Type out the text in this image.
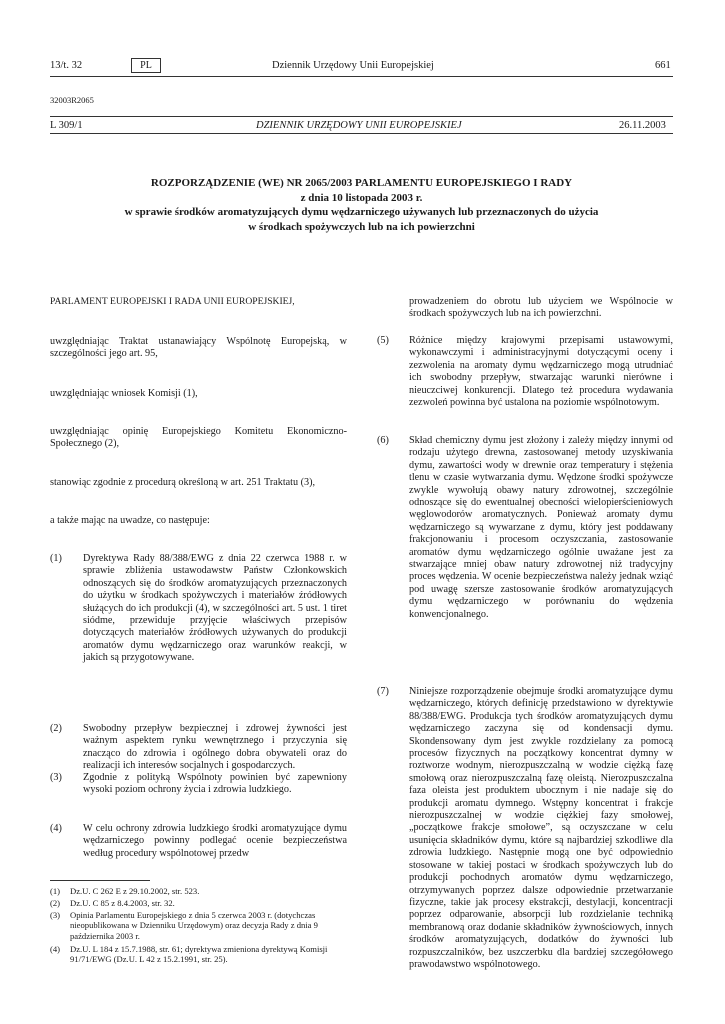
13/t. 32	PL	Dziennik Urzędowy Unii Europejskiej	661
32003R2065
L 309/1	DZIENNIK URZĘDOWY UNII EUROPEJSKIEJ	26.11.2003
ROZPORZĄDZENIE (WE) NR 2065/2003 PARLAMENTU EUROPEJSKIEGO I RADY
z dnia 10 listopada 2003 r.
w sprawie środków aromatyzujących dymu wędzarniczego używanych lub przeznaczonych do użycia
w środkach spożywczych lub na ich powierzchni
PARLAMENT EUROPEJSKI I RADA UNII EUROPEJSKIEJ,
uwzględniając Traktat ustanawiający Wspólnotę Europejską, w szczególności jego art. 95,
uwzględniając wniosek Komisji (1),
uwzględniając opinię Europejskiego Komitetu Ekonomiczno-Społecznego (2),
stanowiąc zgodnie z procedurą określoną w art. 251 Traktatu (3),
a także mając na uwadze, co następuje:
(1) Dyrektywa Rady 88/388/EWG z dnia 22 czerwca 1988 r. w sprawie zbliżenia ustawodawstw Państw Członkowskich odnoszących się do środków aromatyzujących przeznaczonych do użytku w środkach spożywczych i materiałów źródłowych służących do ich produkcji (4), w szczególności art. 5 ust. 1 tiret siódme, przewiduje przyjęcie właściwych przepisów dotyczących materiałów źródłowych używanych do produkcji aromatów dymu wędzarniczego oraz warunków reakcji, w jakich są przygotowywane.
(2) Swobodny przepływ bezpiecznej i zdrowej żywności jest ważnym aspektem rynku wewnętrznego i przyczynia się znacząco do zdrowia i ogólnego dobra obywateli oraz do realizacji ich interesów socjalnych i gospodarczych.
(3) Zgodnie z polityką Wspólnoty powinien być zapewniony wysoki poziom ochrony życia i zdrowia ludzkiego.
(4) W celu ochrony zdrowia ludzkiego środki aromatyzujące dymu wędzarniczego powinny podlegać ocenie bezpieczeństwa według procedury wspólnotowej przedw
(1) Dz.U. C 262 E z 29.10.2002, str. 523.
(2) Dz.U. C 85 z 8.4.2003, str. 32.
(3) Opinia Parlamentu Europejskiego z dnia 5 czerwca 2003 r. (dotychczas nieopublikowana w Dzienniku Urzędowym) oraz decyzja Rady z dnia 9 października 2003 r.
(4) Dz.U. L 184 z 15.7.1988, str. 61; dyrektywa zmieniona dyrektywą Komisji 91/71/EWG (Dz.U. L 42 z 15.2.1991, str. 25).
prowadzeniem do obrotu lub użyciem we Wspólnocie w środkach spożywczych lub na ich powierzchni.
(5) Różnice między krajowymi przepisami ustawowymi, wykonawczymi i administracyjnymi dotyczącymi oceny i zezwolenia na aromaty dymu wędzarniczego mogą utrudniać ich swobodny przepływ, stwarzając warunki nierówne i nieuczciwej konkurencji. Dlatego też procedura wydawania zezwoleń powinna być ustalona na poziomie wspólnotowym.
(6) Skład chemiczny dymu jest złożony i zależy między innymi od rodzaju użytego drewna, zastosowanej metody uzyskiwania dymu, zawartości wody w drewnie oraz temperatury i stężenia tlenu w czasie wytwarzania dymu. Wędzone środki spożywcze zwykle wywołują obawy natury zdrowotnej, szczególnie odnoszące się do ewentualnej obecności wielopierścieniowych węglowodorów aromatycznych. Ponieważ aromaty dymu wędzarniczego są wywarzane z dymu, który jest poddawany frakcjonowaniu i procesom oczyszczania, zastosowanie aromatów dymu wędzarniczego ogólnie uważane jest za stwarzające mniej obaw natury zdrowotnej niż tradycyjny proces wędzenia. W ocenie bezpieczeństwa należy jednak wziąć pod uwagę szersze zastosowanie środków aromatyzujących dymu wędzarniczego w porównaniu do wędzenia konwencjonalnego.
(7) Niniejsze rozporządzenie obejmuje środki aromatyzujące dymu wędzarniczego, których definicję przedstawiono w dyrektywie 88/388/EWG. Produkcja tych środków aromatyzujących dymu wędzarniczego zaczyna się od kondensacji dymu. Skondensowany dym jest zwykle rozdzielany za pomocą procesów fizycznych na początkowy koncentrat dymny w roztworze wodnym, nierozpuszczalną w wodzie ciężką fazę smołową oraz nierozpuszczalną fazę oleistą. Nierozpuszczalna faza oleista jest produktem ubocznym i nie nadaje się do produkcji aromatu dymnego. Wstępny koncentrat i frakcje nierozpuszczalnej w wodzie ciężkiej fazy smołowej, „początkowe frakcje smołowe”, są oczyszczane w celu usunięcia składników dymu, które są najbardziej szkodliwe dla zdrowia ludzkiego. Następnie mogą one być odpowiednio stosowane w takiej postaci w środkach spożywczych lub do produkcji pochodnych aromatów dymu wędzarniczego, otrzymywanych poprzez dalsze odpowiednie przetwarzanie fizyczne, takie jak procesy ekstrakcji, destylacji, koncentracji poprzez odparowanie, absorpcji lub rozdzielanie techniką membranową oraz dodanie składników żywnościowych, innych środków aromatyzujących, dodatków do żywności lub rozpuszczalników, bez uszczerbku dla bardziej szczegółowego prawodawstwo wspólnotowego.
